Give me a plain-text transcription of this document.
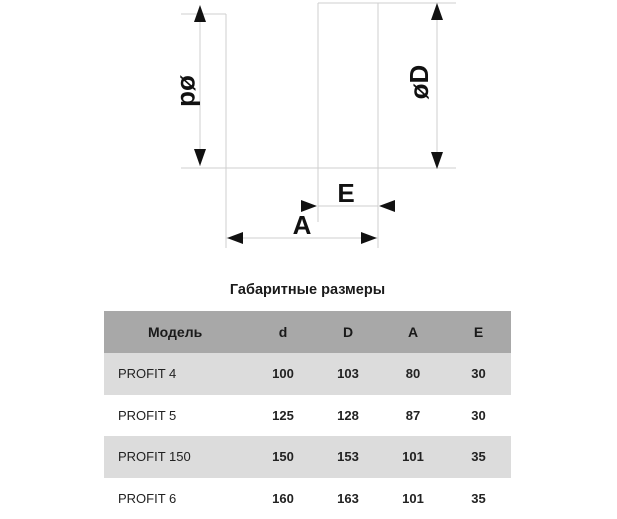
ød	øD
E
A
Габаритные размеры
Модель	d	D	A	E
PROFIT 4	100	103	80	30
PROFIT 5	125	128	87	30
PROFIT 150	150	153	101	35
PROFIT 6	160	163	101	35
